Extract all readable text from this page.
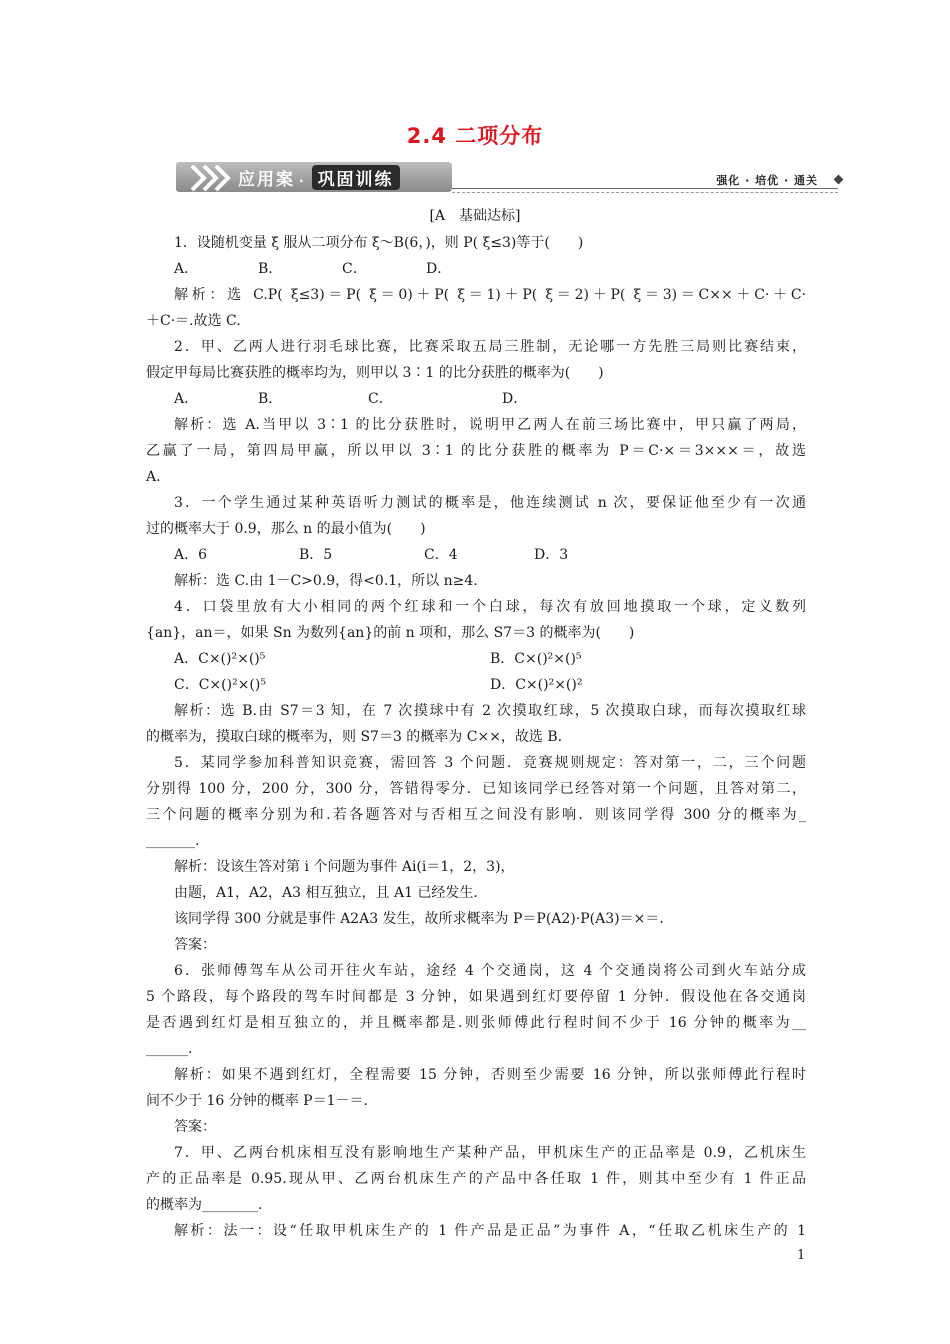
2.4 二项分布
应用案 · 巩固训练	强化 · 培优 · 通关
[A　基础达标]

1．设随机变量 ξ 服从二项分布 ξ～B(6，)，则 P( ξ≤3)等于(　　)

A．	B．	C．	D．

解析：选 C.P( ξ≤3)＝P( ξ＝0)＋P( ξ＝1)＋P( ξ＝2)＋P( ξ＝3)＝C××＋C·＋C·

＋C·＝.故选 C.

2．甲、乙两人进行羽毛球比赛，比赛采取五局三胜制，无论哪一方先胜三局则比赛结束，

假定甲每局比赛获胜的概率均为，则甲以 3∶1 的比分获胜的概率为(　　)

A．	B．	C．	D．

解析：选 A.当甲以 3∶1 的比分获胜时，说明甲乙两人在前三场比赛中，甲只赢了两局，

乙赢了一局，第四局甲赢，所以甲以 3∶1 的比分获胜的概率为 P＝C·×＝3×××＝，故选

A.

3．一个学生通过某种英语听力测试的概率是，他连续测试 n 次，要保证他至少有一次通

过的概率大于 0.9，那么 n 的最小值为(　　)

A．6	B．5	C．4	D．3

解析：选 C.由 1－C>0.9，得<0.1，所以 n≥4.

4．口袋里放有大小相同的两个红球和一个白球，每次有放回地摸取一个球，定义数列

{an}，an＝，如果 Sn 为数列{an}的前 n 项和，那么 S7＝3 的概率为(　　)

A．C×()²×()⁵	B．C×()²×()⁵
C．C×()²×()⁵	D．C×()²×()²

解析：选 B.由 S7＝3 知，在 7 次摸球中有 2 次摸取红球，5 次摸取白球，而每次摸取红球

的概率为，摸取白球的概率为，则 S7＝3 的概率为 C××，故选 B.

5．某同学参加科普知识竞赛，需回答 3 个问题．竞赛规则规定：答对第一，二，三个问题

分别得 100 分，200 分，300 分，答错得零分．已知该同学已经答对第一个问题，且答对第二，

三个问题的概率分别为和.若各题答对与否相互之间没有影响．则该同学得 300 分的概率为_

_______.

解析：设该生答对第 i 个问题为事件 Ai(i＝1，2，3)，

由题，A1，A2，A3 相互独立，且 A1 已经发生．

该同学得 300 分就是事件 A2A3 发生，故所求概率为 P＝P(A2)·P(A3)＝×＝.

答案：

6．张师傅驾车从公司开往火车站，途经 4 个交通岗，这 4 个交通岗将公司到火车站分成

5 个路段，每个路段的驾车时间都是 3 分钟，如果遇到红灯要停留 1 分钟．假设他在各交通岗

是否遇到红灯是相互独立的，并且概率都是.则张师傅此行程时间不少于 16 分钟的概率为__

______.

解析：如果不遇到红灯，全程需要 15 分钟，否则至少需要 16 分钟，所以张师傅此行程时

间不少于 16 分钟的概率 P＝1－＝.

答案：

7．甲、乙两台机床相互没有影响地生产某种产品，甲机床生产的正品率是 0.9，乙机床生

产的正品率是 0.95.现从甲、乙两台机床生产的产品中各任取 1 件，则其中至少有 1 件正品

的概率为________.

解析：法一：设“任取甲机床生产的 1 件产品是正品”为事件 A，“任取乙机床生产的 1

1
